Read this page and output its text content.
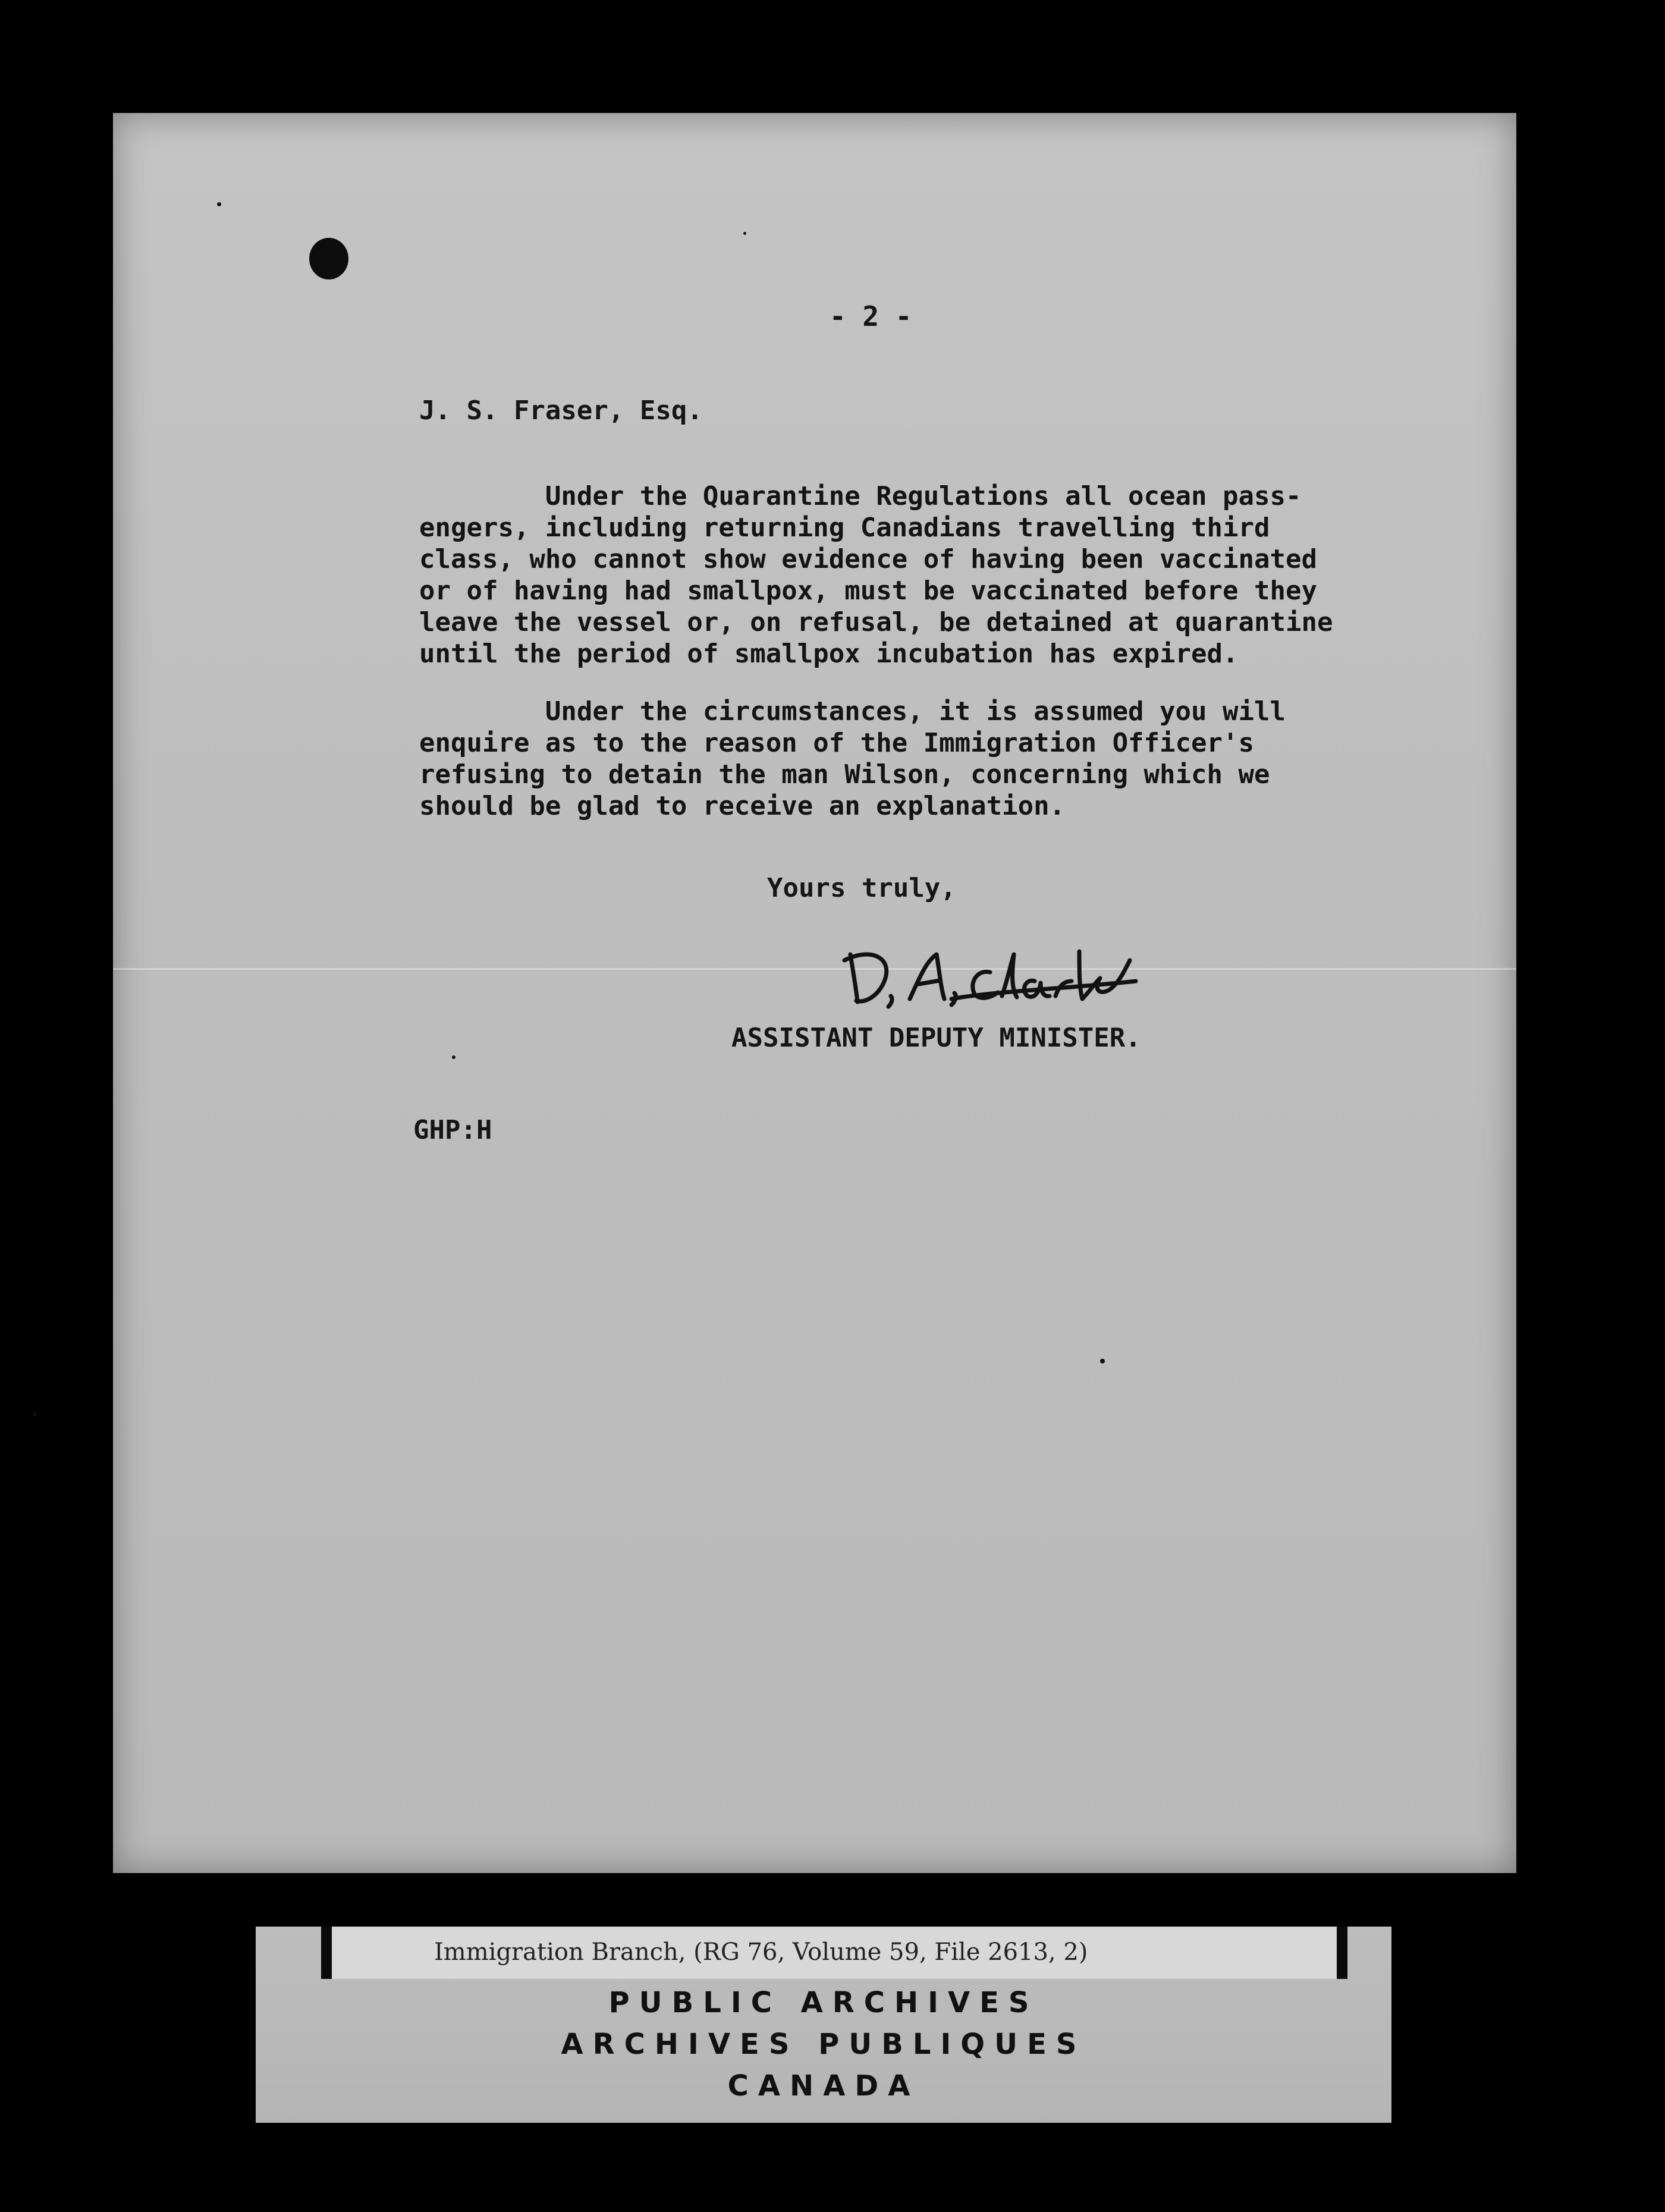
- 2 -
J. S. Fraser, Esq.

Under the Quarantine Regulations all ocean pass-
engers, including returning Canadians travelling third
class, who cannot show evidence of having been vaccinated
or of having had smallpox, must be vaccinated before they
leave the vessel or, on refusal, be detained at quarantine
until the period of smallpox incubation has expired.

Under the circumstances, it is assumed you will
enquire as to the reason of the Immigration Officer's
refusing to detain the man Wilson, concerning which we
should be glad to receive an explanation.

Yours truly,
ASSISTANT DEPUTY MINISTER.
GHP:H
Immigration Branch, (RG 76, Volume 59, File 2613, 2)
PUBLIC ARCHIVES
ARCHIVES PUBLIQUES
CANADA
